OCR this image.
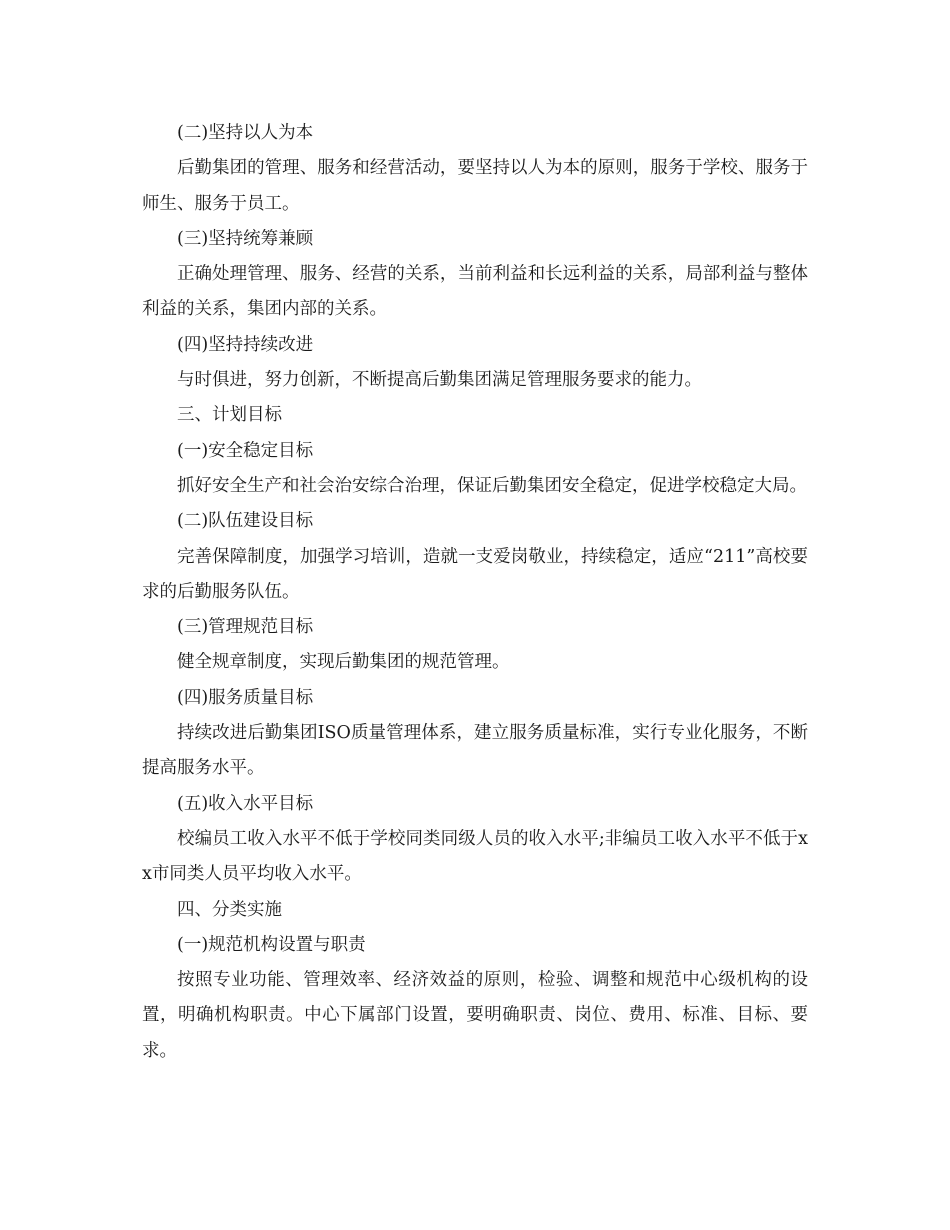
(二)坚持以人为本

后勤集团的管理、服务和经营活动，要坚持以人为本的原则，服务于学校、服务于师生、服务于员工。

(三)坚持统筹兼顾

正确处理管理、服务、经营的关系，当前利益和长远利益的关系，局部利益与整体利益的关系，集团内部的关系。

(四)坚持持续改进

与时俱进，努力创新，不断提高后勤集团满足管理服务要求的能力。

三、计划目标

(一)安全稳定目标

抓好安全生产和社会治安综合治理，保证后勤集团安全稳定，促进学校稳定大局。

(二)队伍建设目标

完善保障制度，加强学习培训，造就一支爱岗敬业，持续稳定，适应“211”高校要求的后勤服务队伍。

(三)管理规范目标

健全规章制度，实现后勤集团的规范管理。

(四)服务质量目标

持续改进后勤集团ISO质量管理体系，建立服务质量标准，实行专业化服务，不断提高服务水平。

(五)收入水平目标

校编员工收入水平不低于学校同类同级人员的收入水平;非编员工收入水平不低于xx市同类人员平均收入水平。

四、分类实施

(一)规范机构设置与职责

按照专业功能、管理效率、经济效益的原则，检验、调整和规范中心级机构的设置，明确机构职责。中心下属部门设置，要明确职责、岗位、费用、标准、目标、要求。
